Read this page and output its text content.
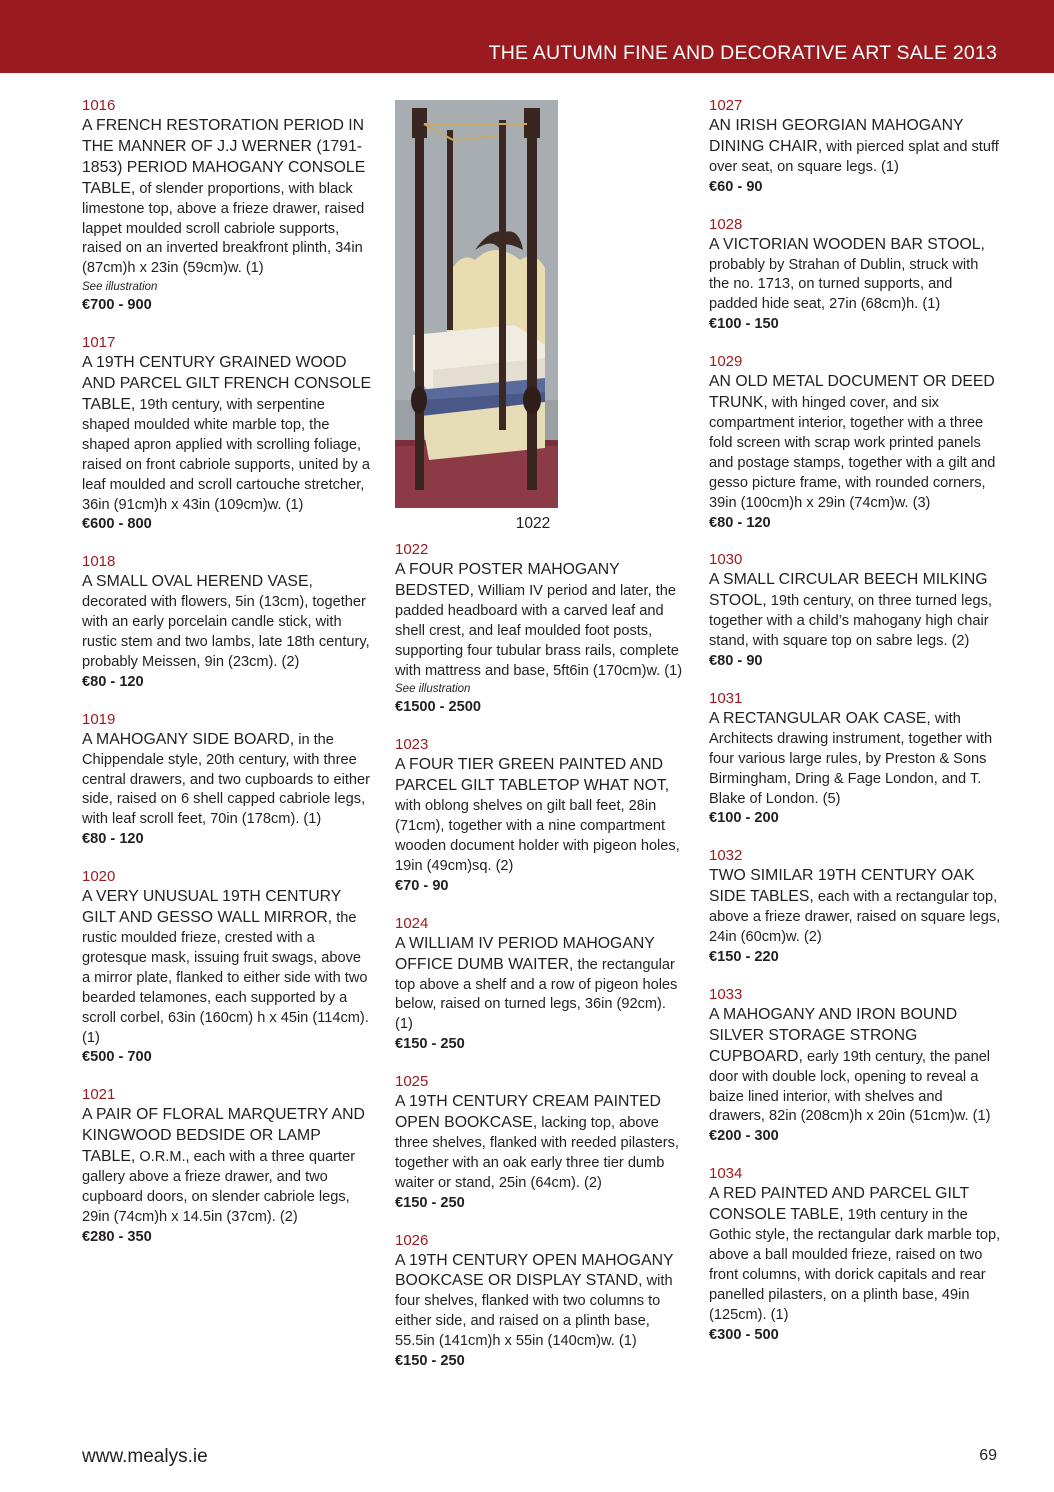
THE AUTUMN FINE AND DECORATIVE ART SALE 2013
1016
A FRENCH RESTORATION PERIOD IN THE MANNER OF J.J WERNER (1791-1853) PERIOD MAHOGANY CONSOLE TABLE, of slender proportions, with black limestone top, above a frieze drawer, raised lappet moulded scroll cabriole supports, raised on an inverted breakfront plinth, 34in (87cm)h x 23in (59cm)w. (1)
See illustration
€700 - 900
1017
A 19TH CENTURY GRAINED WOOD AND PARCEL GILT FRENCH CONSOLE TABLE, 19th century, with serpentine shaped moulded white marble top, the shaped apron applied with scrolling foliage, raised on front cabriole supports, united by a leaf moulded and scroll cartouche stretcher, 36in (91cm)h x 43in (109cm)w. (1)
€600 - 800
1018
A SMALL OVAL HEREND VASE, decorated with flowers, 5in (13cm), together with an early porcelain candle stick, with rustic stem and two lambs, late 18th century, probably Meissen, 9in (23cm). (2)
€80 - 120
1019
A MAHOGANY SIDE BOARD, in the Chippendale style, 20th century, with three central drawers, and two cupboards to either side, raised on 6 shell capped cabriole legs, with leaf scroll feet, 70in (178cm). (1)
€80 - 120
1020
A VERY UNUSUAL 19TH CENTURY GILT AND GESSO WALL MIRROR, the rustic moulded frieze, crested with a grotesque mask, issuing fruit swags, above a mirror plate, flanked to either side with two bearded telamones, each supported by a scroll corbel, 63in (160cm) h x 45in (114cm). (1)
€500 - 700
1021
A PAIR OF FLORAL MARQUETRY AND KINGWOOD BEDSIDE OR LAMP TABLE, O.R.M., each with a three quarter gallery above a frieze drawer, and two cupboard doors, on slender cabriole legs, 29in (74cm)h x 14.5in (37cm). (2)
€280 - 350
1022
1022
A FOUR POSTER MAHOGANY BEDSTED, William IV period and later, the padded headboard with a carved leaf and shell crest, and leaf moulded foot posts, supporting four tubular brass rails, complete with mattress and base, 5ft6in (170cm)w. (1)
See illustration
€1500 - 2500
1023
A FOUR TIER GREEN PAINTED AND PARCEL GILT TABLETOP WHAT NOT, with oblong shelves on gilt ball feet, 28in (71cm), together with a nine compartment wooden document holder with pigeon holes, 19in (49cm)sq. (2)
€70 - 90
1024
A WILLIAM IV PERIOD MAHOGANY OFFICE DUMB WAITER, the rectangular top above a shelf and a row of pigeon holes below, raised on turned legs, 36in (92cm). (1)
€150 - 250
1025
A 19TH CENTURY CREAM PAINTED OPEN BOOKCASE, lacking top, above three shelves, flanked with reeded pilasters, together with an oak early three tier dumb waiter or stand, 25in (64cm). (2)
€150 - 250
1026
A 19TH CENTURY OPEN MAHOGANY BOOKCASE OR DISPLAY STAND, with four shelves, flanked with two columns to either side, and raised on a plinth base, 55.5in (141cm)h x 55in (140cm)w. (1)
€150 - 250
1027
AN IRISH GEORGIAN MAHOGANY DINING CHAIR, with pierced splat and stuff over seat, on square legs. (1)
€60 - 90
1028
A VICTORIAN WOODEN BAR STOOL, probably by Strahan of Dublin, struck with the no. 1713, on turned supports, and padded hide seat, 27in (68cm)h. (1)
€100 - 150
1029
AN OLD METAL DOCUMENT OR DEED TRUNK, with hinged cover, and six compartment interior, together with a three fold screen with scrap work printed panels and postage stamps, together with a gilt and gesso picture frame, with rounded corners, 39in (100cm)h x 29in (74cm)w. (3)
€80 - 120
1030
A SMALL CIRCULAR BEECH MILKING STOOL, 19th century, on three turned legs, together with a child’s mahogany high chair stand, with square top on sabre legs. (2)
€80 - 90
1031
A RECTANGULAR OAK CASE, with Architects drawing instrument, together with four various large rules, by Preston & Sons Birmingham, Dring & Fage London, and T. Blake of London. (5)
€100 - 200
1032
TWO SIMILAR 19TH CENTURY OAK SIDE TABLES, each with a rectangular top, above a frieze drawer, raised on square legs, 24in (60cm)w. (2)
€150 - 220
1033
A MAHOGANY AND IRON BOUND SILVER STORAGE STRONG CUPBOARD, early 19th century, the panel door with double lock, opening to reveal a baize lined interior, with shelves and drawers, 82in (208cm)h x 20in (51cm)w. (1)
€200 - 300
1034
A RED PAINTED AND PARCEL GILT CONSOLE TABLE, 19th century in the Gothic style, the rectangular dark marble top, above a ball moulded frieze, raised on two front columns, with dorick capitals and rear panelled pilasters, on a plinth base, 49in (125cm). (1)
€300 - 500
www.mealys.ie	69
